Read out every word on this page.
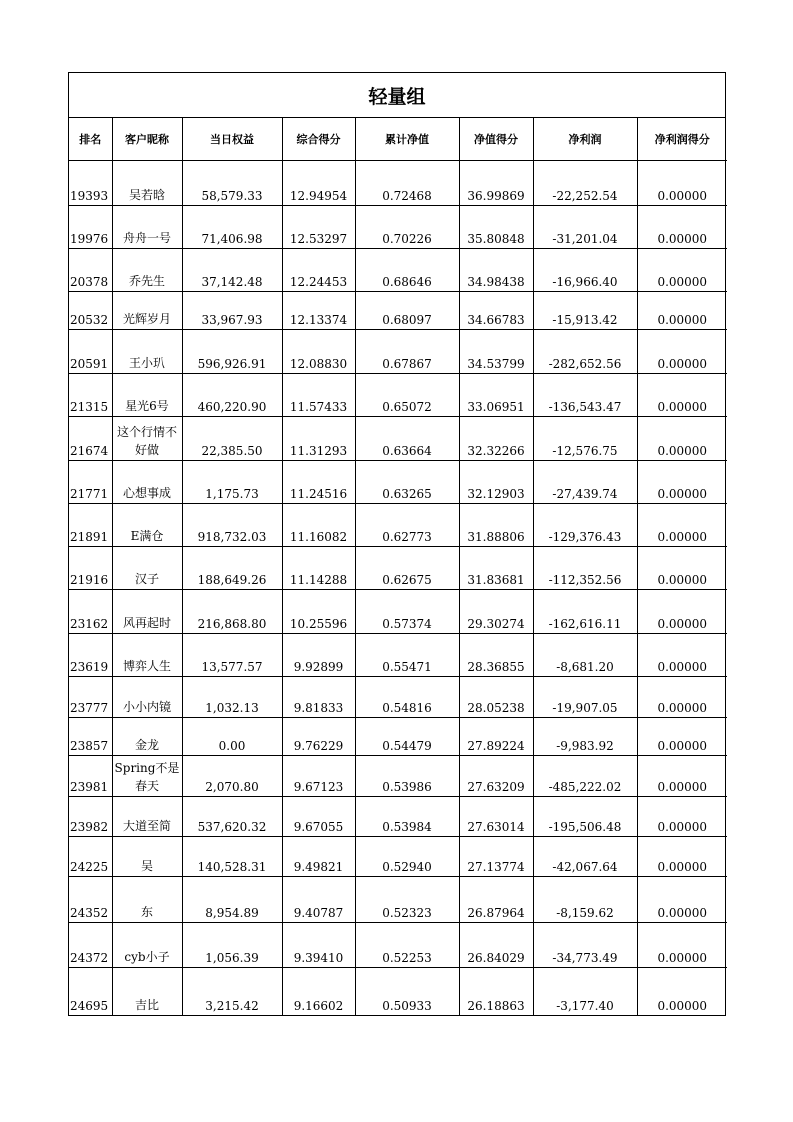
轻量组
排名	客户昵称	当日权益	综合得分	累计净值	净值得分	净利润	净利润得分
19393	吴若晗	58,579.33	12.94954	0.72468	36.99869	-22,252.54	0.00000
19976	舟舟一号	71,406.98	12.53297	0.70226	35.80848	-31,201.04	0.00000
20378	乔先生	37,142.48	12.24453	0.68646	34.98438	-16,966.40	0.00000
20532	光辉岁月	33,967.93	12.13374	0.68097	34.66783	-15,913.42	0.00000
20591	王小玐	596,926.91	12.08830	0.67867	34.53799	-282,652.56	0.00000
21315	星光6号	460,220.90	11.57433	0.65072	33.06951	-136,543.47	0.00000
21674	这个行情不好做	22,385.50	11.31293	0.63664	32.32266	-12,576.75	0.00000
21771	心想事成	1,175.73	11.24516	0.63265	32.12903	-27,439.74	0.00000
21891	E满仓	918,732.03	11.16082	0.62773	31.88806	-129,376.43	0.00000
21916	汉子	188,649.26	11.14288	0.62675	31.83681	-112,352.56	0.00000
23162	风再起时	216,868.80	10.25596	0.57374	29.30274	-162,616.11	0.00000
23619	博弈人生	13,577.57	9.92899	0.55471	28.36855	-8,681.20	0.00000
23777	小小内镜	1,032.13	9.81833	0.54816	28.05238	-19,907.05	0.00000
23857	金龙	0.00	9.76229	0.54479	27.89224	-9,983.92	0.00000
23981	Spring不是春天	2,070.80	9.67123	0.53986	27.63209	-485,222.02	0.00000
23982	大道至简	537,620.32	9.67055	0.53984	27.63014	-195,506.48	0.00000
24225	吴	140,528.31	9.49821	0.52940	27.13774	-42,067.64	0.00000
24352	东	8,954.89	9.40787	0.52323	26.87964	-8,159.62	0.00000
24372	cyb小子	1,056.39	9.39410	0.52253	26.84029	-34,773.49	0.00000
24695	吉比	3,215.42	9.16602	0.50933	26.18863	-3,177.40	0.00000
